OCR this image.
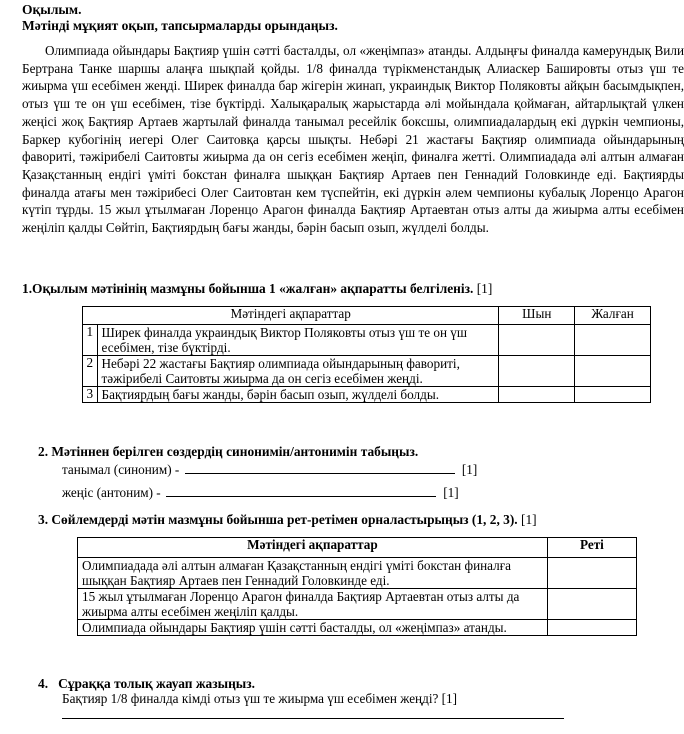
Оқылым.
Мәтінді мұқият оқып, тапсырмаларды орындаңыз.
Олимпиада ойындары Бақтияр үшін сәтті басталды, ол «жеңімпаз» атанды. Алдыңғы финалда камерундық Вили Бертрана Танке шаршы алаңға шықпай қойды. 1/8 финалда түрікменстандық Алиаскер Башировты отыз үш те жиырма үш есебімен жеңді. Ширек финалда бар жігерін жинап, украиндық Виктор Поляковты айқын басымдықпен, отыз үш те он үш есебімен, тізе бүктірді. Халықаралық жарыстарда әлі мойындала қоймаған, айтарлықтай үлкен жеңісі жоқ Бақтияр Артаев жартылай финалда танымал ресейлік боксшы, олимпиадалардың екі дүркін чемпионы, Баркер кубогінің иегері Олег Саитовқа қарсы шықты. Небәрі 21 жастағы Бақтияр олимпиада ойындарының фавориті, тәжірибелі Саитовты жиырма да он сегіз есебімен жеңіп, финалға жетті. Олимпиадада әлі алтын алмаған Қазақстанның ендігі үміті бокстан финалға шыққан Бақтияр Артаев пен Геннадий Головкинде еді. Бақтиярды финалда атағы мен тәжірибесі Олег Саитовтан кем түспейтін, екі дүркін әлем чемпионы кубалық Лоренцо Арагон күтіп тұрды. 15 жыл ұтылмаған Лоренцо Арагон финалда Бақтияр Артаевтан отыз алты да жиырма алты есебімен жеңіліп қалды Сөйтіп, Бақтиярдың бағы жанды, бәрін басып озып, жүлделі болды.
1.Оқылым мәтінінің мазмұны бойынша 1 «жалған» ақпаратты белгіленіз. [1]
Мәтіндегі ақпараттар		Шын	Жалған
1	Ширек финалда украиндық Виктор Поляковты отыз үш те он үш есебімен, тізе бүктірді.		
2	Небәрі 22 жастағы Бақтияр олимпиада ойындарының фавориті, тәжірибелі Саитовты жиырма да он сегіз есебімен жеңді.		
3	Бақтиярдың бағы жанды, бәрін басып озып, жүлделі болды.		
2. Мәтіннен берілген сөздердің синонимін/антонимін табыңыз.
танымал (синоним) -	[1]
жеңіс (антоним) -	[1]
3. Сөйлемдерді мәтін мазмұны бойынша рет-ретімен орналастырыңыз (1, 2, 3). [1]
Мәтіндегі ақпараттар	Реті
Олимпиадада әлі алтын алмаған Қазақстанның ендігі үміті бокстан финалға шыққан Бақтияр Артаев пен Геннадий Головкинде еді.	
15 жыл ұтылмаған Лоренцо Арагон финалда Бақтияр Артаевтан отыз алты да жиырма алты есебімен жеңіліп қалды.	
Олимпиада ойындары Бақтияр үшін сәтті басталды, ол «жеңімпаз» атанды.	
4. Сұраққа толық жауап жазыңыз.
Бақтияр 1/8 финалда кімді отыз үш те жиырма үш есебімен жеңді? [1]
